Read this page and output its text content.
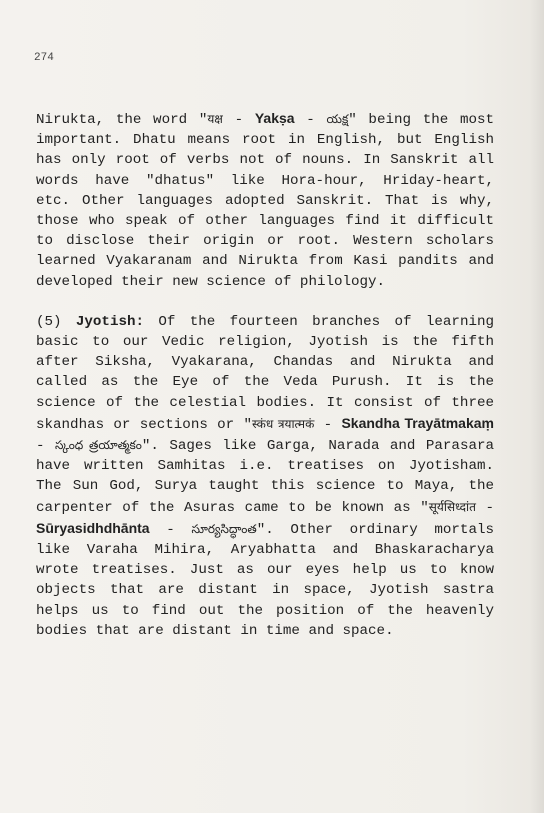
274

Nirukta, the word "यक्ष - Yakṣa - యక్ష" being the most important. Dhatu means root in English, but English has only root of verbs not of nouns. In Sanskrit all words have "dhatus" like Hora-hour, Hriday-heart, etc. Other languages adopted Sanskrit. That is why, those who speak of other languages find it difficult to disclose their origin or root. Western scholars learned Vyakaranam and Nirukta from Kasi pandits and developed their new science of philology.

(5) Jyotish: Of the fourteen branches of learning basic to our Vedic religion, Jyotish is the fifth after Siksha, Vyakarana, Chandas and Nirukta and called as the Eye of the Veda Purush. It is the science of the celestial bodies. It consist of three skandhas or sections or "स्कंध त्रयात्मकं - Skandha Trayātmakaṃ - స్కంధ త్రయాత్మకం". Sages like Garga, Narada and Parasara have written Samhitas i.e. treatises on Jyotisham. The Sun God, Surya taught this science to Maya, the carpenter of the Asuras came to be known as "सूर्यसिध्दांत - Sūryasidhdhānta - సూర్యసిద్ధాంత". Other ordinary mortals like Varaha Mihira, Aryabhatta and Bhaskaracharya wrote treatises. Just as our eyes help us to know objects that are distant in space, Jyotish sastra helps us to find out the position of the heavenly bodies that are distant in time and space.
